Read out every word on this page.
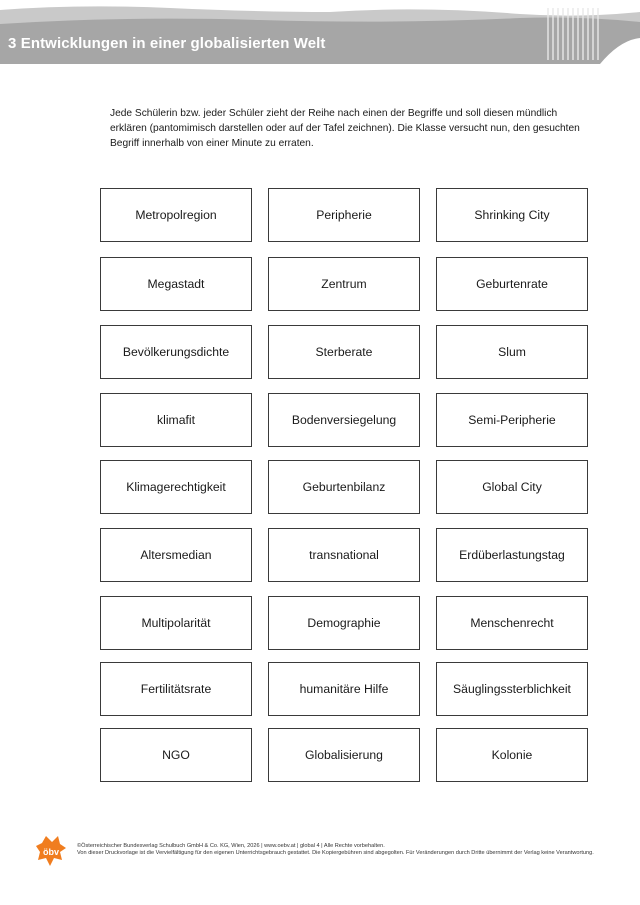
3 Entwicklungen in einer globalisierten Welt
Jede Schülerin bzw. jeder Schüler zieht der Reihe nach einen der Begriffe und soll diesen mündlich erklären (pantomimisch darstellen oder auf der Tafel zeichnen). Die Klasse versucht nun, den gesuchten Begriff innerhalb von einer Minute zu erraten.
Metropolregion	Peripherie	Shrinking City
Megastadt	Zentrum	Geburtenrate
Bevölkerungsdichte	Sterberate	Slum
klimafit	Bodenversiegelung	Semi-Peripherie
Klimagerechtigkeit	Geburtenbilanz	Global City
Altersmedian	transnational	Erdüberlastungstag
Multipolarität	Demographie	Menschenrecht
Fertilitätsrate	humanitäre Hilfe	Säuglingssterblichkeit
NGO	Globalisierung	Kolonie
öbv
©Österreichischer Bundesverlag Schulbuch GmbH & Co. KG, Wien, 2026 | www.oebv.at | global 4 | Alle Rechte vorbehalten.
Von dieser Druckvorlage ist die Vervielfältigung für den eigenen Unterrichtsgebrauch gestattet. Die Kopiergebühren sind abgegolten. Für Veränderungen durch Dritte übernimmt der Verlag keine Verantwortung.
